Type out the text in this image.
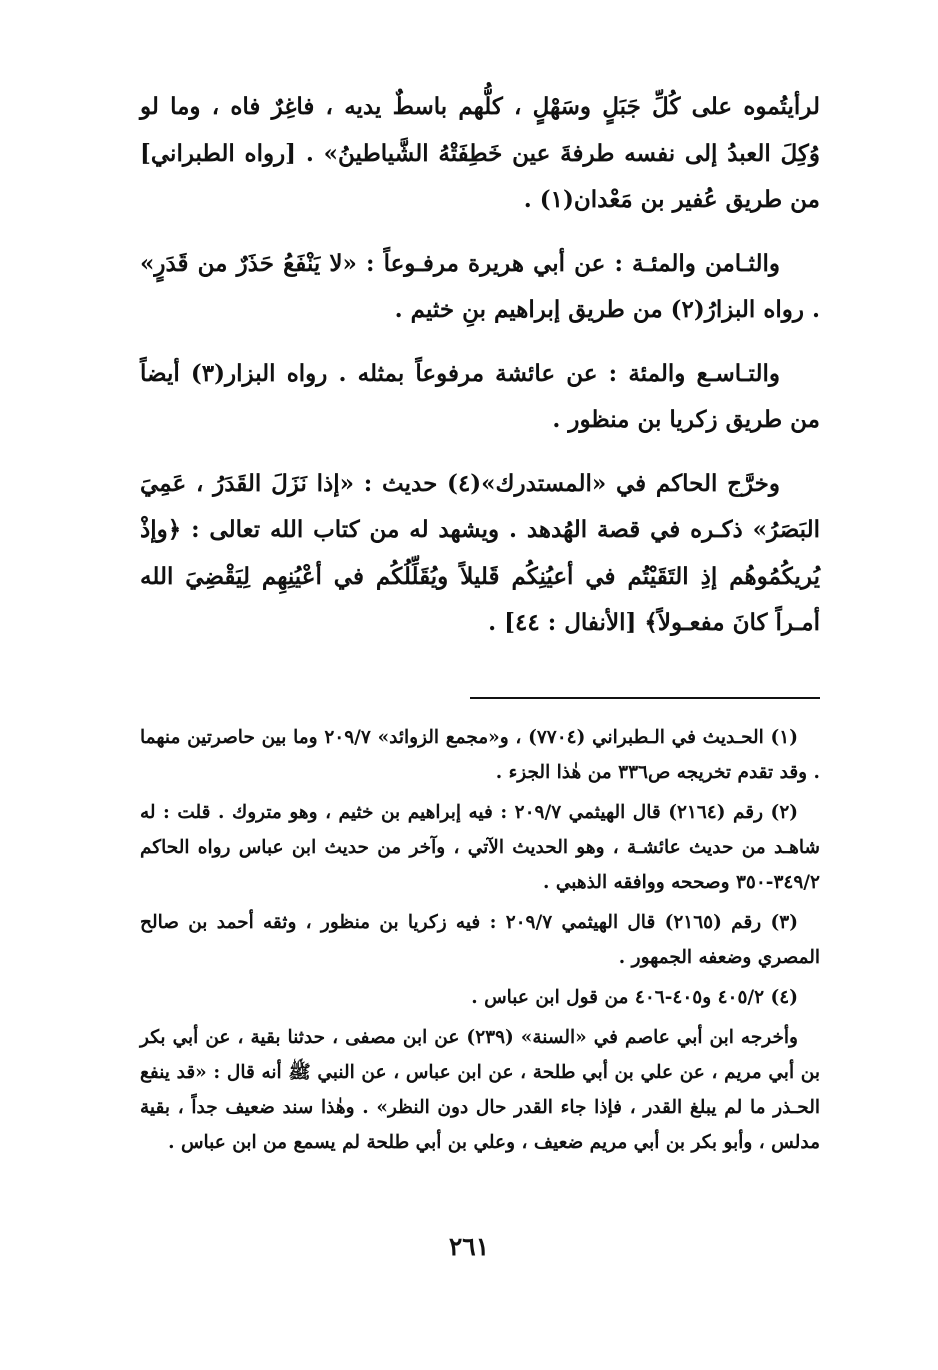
لرأيتُموه على كُلِّ جَبَلٍ وسَهْلٍ ، كلُّهم باسطٌ يديه ، فاغِرٌ فاه ، وما لو وُكِلَ العبدُ إلى نفسه طرفةَ عين خَطِفَتْهُ الشَّياطينُ» . [رواه الطبراني] من طريق عُفير بن مَعْدان(١) .

والثـامن والمئـة : عن أبي هريرة مرفـوعاً : «لا يَنْفَعُ حَذَرٌ من قَدَرٍ» . رواه البزارُ(٢) من طريق إبراهيم بنِ خثيم .

والتـاسـع والمئة : عن عائشة مرفوعاً بمثله . رواه البزار(٣) أيضاً من طريق زكريا بن منظور .

وخرَّج الحاكم في «المستدرك»(٤) حديث : «إذا نَزَلَ القَدَرُ ، عَمِيَ البَصَرُ» ذكـره في قصة الهُدهد . ويشهد له من كتاب الله تعالى : ﴿وإذْ يُريكُمُوهُم إذِ التَقَيْتُم في أعيُنِكُم قَليلاً ويُقَلِّلُكُم في أعْيُنِهِم لِيَقْضِيَ الله أمـراً كانَ مفعـولاً﴾ [الأنفال : ٤٤] .

(١) الحـديث في الـطبراني (٧٧٠٤) ، و«مجمع الزوائد» ٢٠٩/٧ وما بين حاصرتين منهما . وقد تقدم تخريجه ص٣٣٦ من هٰذا الجزء .

(٢) رقم (٢١٦٤) قال الهيثمي ٢٠٩/٧ : فيه إبراهيم بن خثيم ، وهو متروك . قلت : له شاهـد من حديث عائشـة ، وهو الحديث الآتي ، وآخر من حديث ابن عباس رواه الحاكم ٣٤٩/٢-٣٥٠ وصححه ووافقه الذهبي .

(٣) رقم (٢١٦٥) قال الهيثمي ٢٠٩/٧ : فيه زكريا بن منظور ، وثقه أحمد بن صالح المصري وضعفه الجمهور .

(٤) ٤٠٥/٢ و٤٠٥-٤٠٦ من قول ابن عباس .

وأخرجه ابن أبي عاصم في «السنة» (٢٣٩) عن ابن مصفى ، حدثنا بقية ، عن أبي بكر بن أبي مريم ، عن علي بن أبي طلحة ، عن ابن عباس ، عن النبي ﷺ أنه قال : «قد ينفع الحـذر ما لم يبلغ القدر ، فإذا جاء القدر حال دون النظر» . وهٰذا سند ضعيف جداً ، بقية مدلس ، وأبو بكر بن أبي مريم ضعيف ، وعلي بن أبي طلحة لم يسمع من ابن عباس .

٢٦١
